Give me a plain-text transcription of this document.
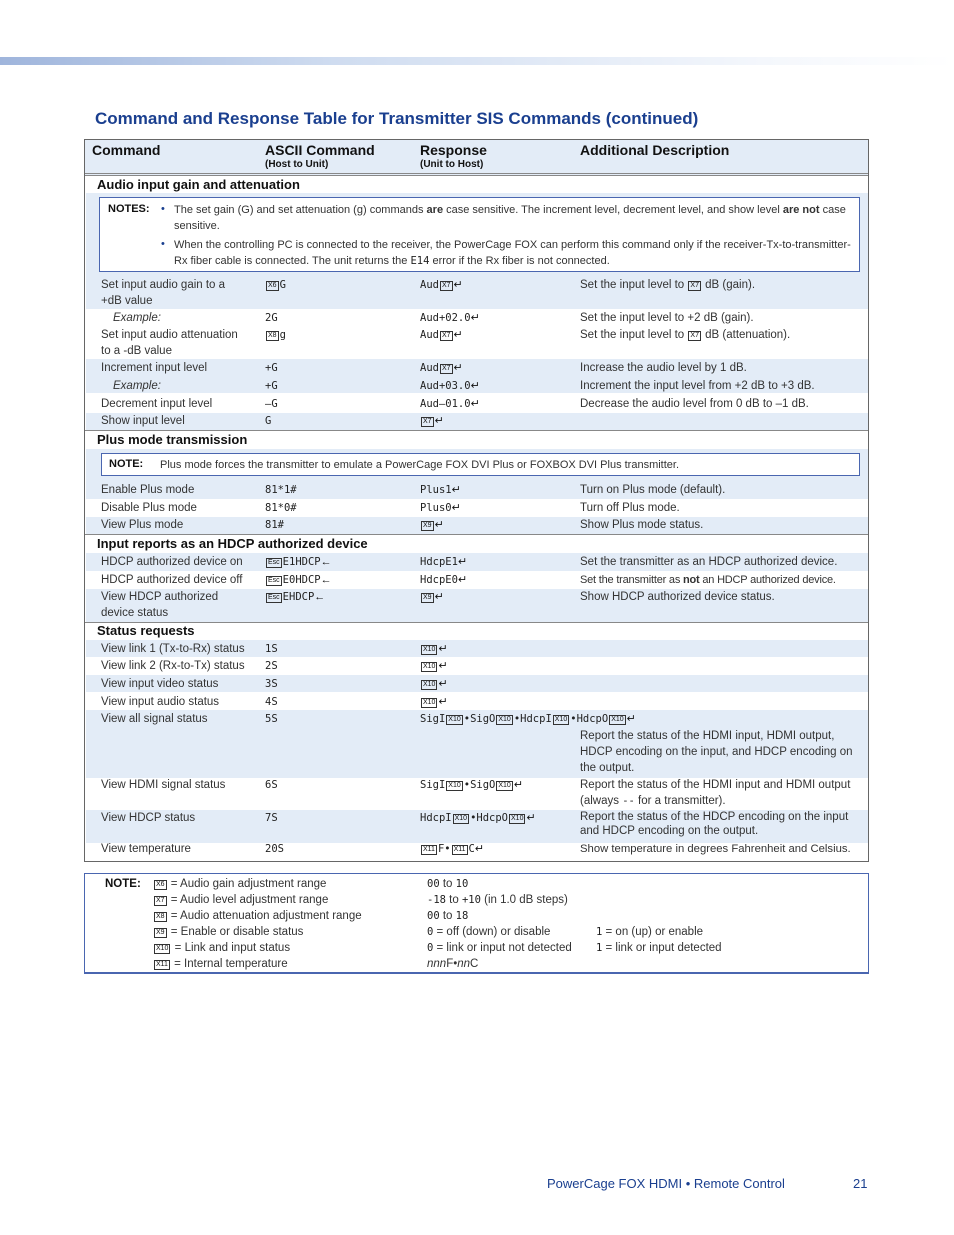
Command and Response Table for Transmitter SIS Commands (continued)
Command	ASCII Command
(Host to Unit)
Response
(Unit to Host)
Additional Description
Audio input gain and attenuation
NOTES: • The set gain (G) and set attenuation (g) commands are case sensitive. The increment level, decrement level, and show level are not case sensitive.
• When the controlling PC is connected to the receiver, the PowerCage FOX can perform this command only if the receiver-Tx-to-transmitter-Rx fiber cable is connected. The unit returns the E14 error if the Rx fiber is not connected.
Set input audio gain to a
+dB value
X6 G	Aud X7 ↵	Set the input level to X7 dB (gain).
Example:	2G	Aud+02.0↵	Set the input level to +2 dB (gain).
Set input audio attenuation
to a -dB value
X8 g	Aud X7 ↵	Set the input level to X7 dB (attenuation).
Increment input level	+G	Aud X7 ↵	Increase the audio level by 1 dB.
Example:	+G	Aud+03.0↵	Increment the input level from +2 dB to +3 dB.
Decrement input level	–G	Aud–01.0↵	Decrease the audio level from 0 dB to –1 dB.
Show input level	G	X7 ↵
Plus mode transmission
NOTE: Plus mode forces the transmitter to emulate a PowerCage FOX DVI Plus or FOXBOX DVI Plus transmitter.
Enable Plus mode	81*1#	Plus1↵	Turn on Plus mode (default).
Disable Plus mode	81*0#	Plus0↵	Turn off Plus mode.
View Plus mode	81#	X9 ↵	Show Plus mode status.
Input reports as an HDCP authorized device
HDCP authorized device on	Esc E1HDCP←	HdcpE1↵	Set the transmitter as an HDCP authorized device.
HDCP authorized device off	Esc E0HDCP←	HdcpE0↵	Set the transmitter as not an HDCP authorized device.
View HDCP authorized
device status
Esc EHDCP←	X9 ↵	Show HDCP authorized device status.
Status requests
View link 1 (Tx-to-Rx) status 1S	X10 ↵
View link 2 (Rx-to-Tx) status 2S	X10 ↵
View input video status	3S	X10 ↵
View input audio status	4S	X10 ↵
View all signal status	5S	SigI X10 •SigO X10 •HdcpI X10 •HdcpO X10 ↵
Report the status of the HDMI input, HDMI output, HDCP encoding on the input, and HDCP encoding on the output.
View HDMI signal status	6S	SigI X10 •SigO X10 ↵	Report the status of the HDMI input and HDMI output (always -- for a transmitter).
View HDCP status	7S	HdcpI X10 •HdcpO X10 ↵	Report the status of the HDCP encoding on the input and HDCP encoding on the output.
View temperature	20S	X11 F• X11 C↵	Show temperature in degrees Fahrenheit and Celsius.
NOTE:	X6 = Audio gain adjustment range	00 to 10
X7 = Audio level adjustment range	-18 to +10 (in 1.0 dB steps)
X8 = Audio attenuation adjustment range	00 to 18
X9 = Enable or disable status	0 = off (down) or disable	1 = on (up) or enable
X10 = Link and input status	0 = link or input not detected 1 = link or input detected
X11 = Internal temperature	nnnF•nnC
PowerCage FOX HDMI • Remote Control	21
